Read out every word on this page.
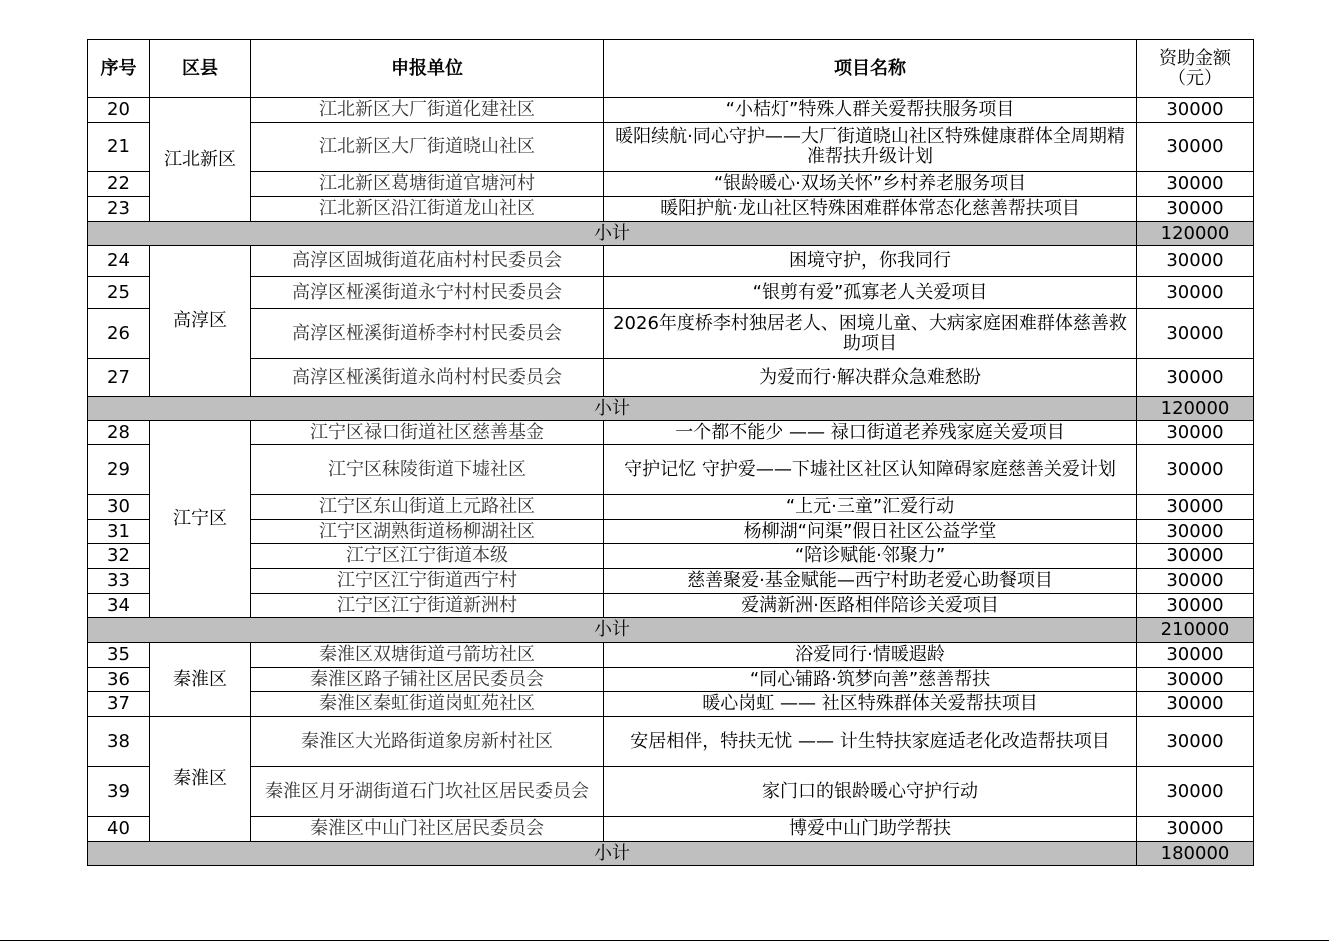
序号	区县	申报单位	项目名称	资助金额（元）
20	江北新区	江北新区大厂街道化建社区	“小桔灯”特殊人群关爱帮扶服务项目	30000
21		江北新区大厂街道晓山社区	暖阳续航·同心守护——大厂街道晓山社区特殊健康群体全周期精准帮扶升级计划	30000
22		江北新区葛塘街道官塘河村	“银龄暖心·双场关怀”乡村养老服务项目	30000
23		江北新区沿江街道龙山社区	暖阳护航·龙山社区特殊困难群体常态化慈善帮扶项目	30000
小计				120000
24	高淳区	高淳区固城街道花庙村村民委员会	困境守护，你我同行	30000
25		高淳区桠溪街道永宁村村民委员会	“银剪有爱”孤寡老人关爱项目	30000
26		高淳区桠溪街道桥李村村民委员会	2026年度桥李村独居老人、困境儿童、大病家庭困难群体慈善救助项目	30000
27		高淳区桠溪街道永尚村村民委员会	为爱而行·解决群众急难愁盼	30000
小计				120000
28	江宁区	江宁区禄口街道社区慈善基金	一个都不能少 —— 禄口街道老养残家庭关爱项目	30000
29		江宁区秣陵街道下墟社区	守护记忆 守护爱——下墟社区社区认知障碍家庭慈善关爱计划	30000
30		江宁区东山街道上元路社区	“上元·三童”汇爱行动	30000
31		江宁区湖熟街道杨柳湖社区	杨柳湖“问渠”假日社区公益学堂	30000
32		江宁区江宁街道本级	“陪诊赋能·邻聚力”	30000
33		江宁区江宁街道西宁村	慈善聚爱·基金赋能—西宁村助老爱心助餐项目	30000
34		江宁区江宁街道新洲村	爱满新洲·医路相伴陪诊关爱项目	30000
小计				210000
35	秦淮区	秦淮区双塘街道弓箭坊社区	浴爱同行·情暖遐龄	30000
36		秦淮区路子铺社区居民委员会	“同心铺路·筑梦向善”慈善帮扶	30000
37		秦淮区秦虹街道岗虹苑社区	暖心岗虹 —— 社区特殊群体关爱帮扶项目	30000
38	秦淮区	秦淮区大光路街道象房新村社区	安居相伴，特扶无忧 —— 计生特扶家庭适老化改造帮扶项目	30000
39		秦淮区月牙湖街道石门坎社区居民委员会	家门口的银龄暖心守护行动	30000
40		秦淮区中山门社区居民委员会	博爱中山门助学帮扶	30000
小计				180000
